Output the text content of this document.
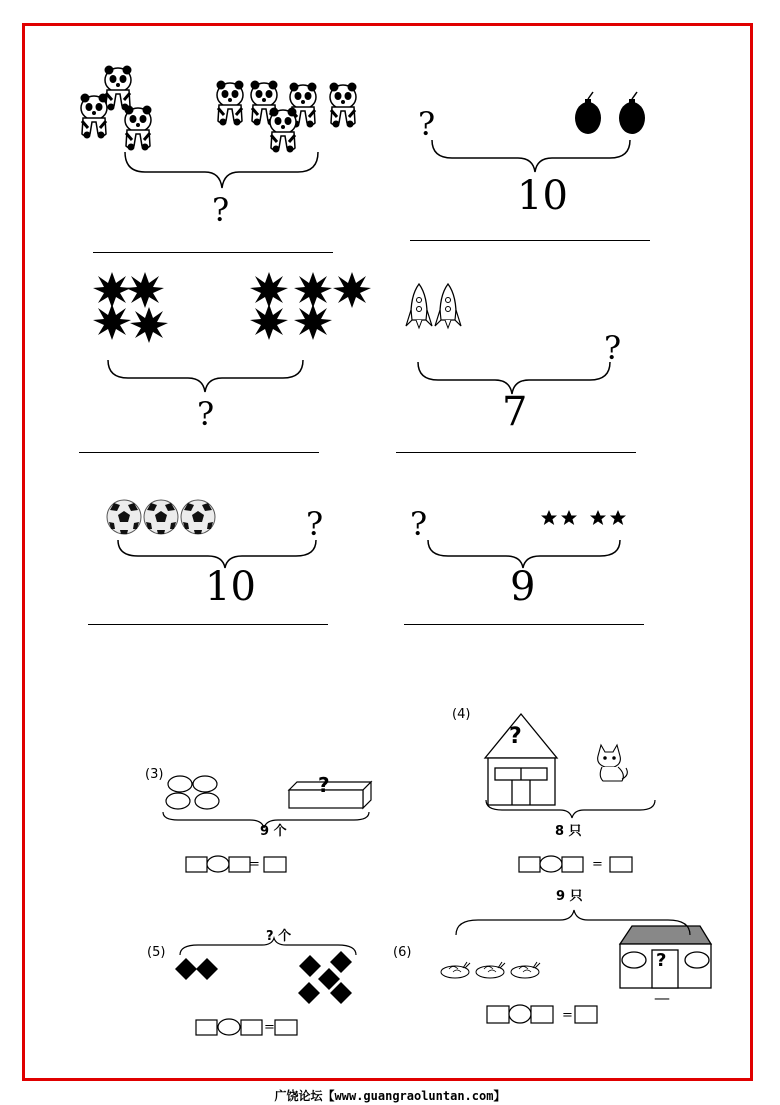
?
?
10
?
?
7
?
10
?
9
(3)	?
9 个
=
(4)
?
8 只
=
(5)
? 个
=
(6)
9 只
?
—
=
广饶论坛【www.guangraoluntan.com】
